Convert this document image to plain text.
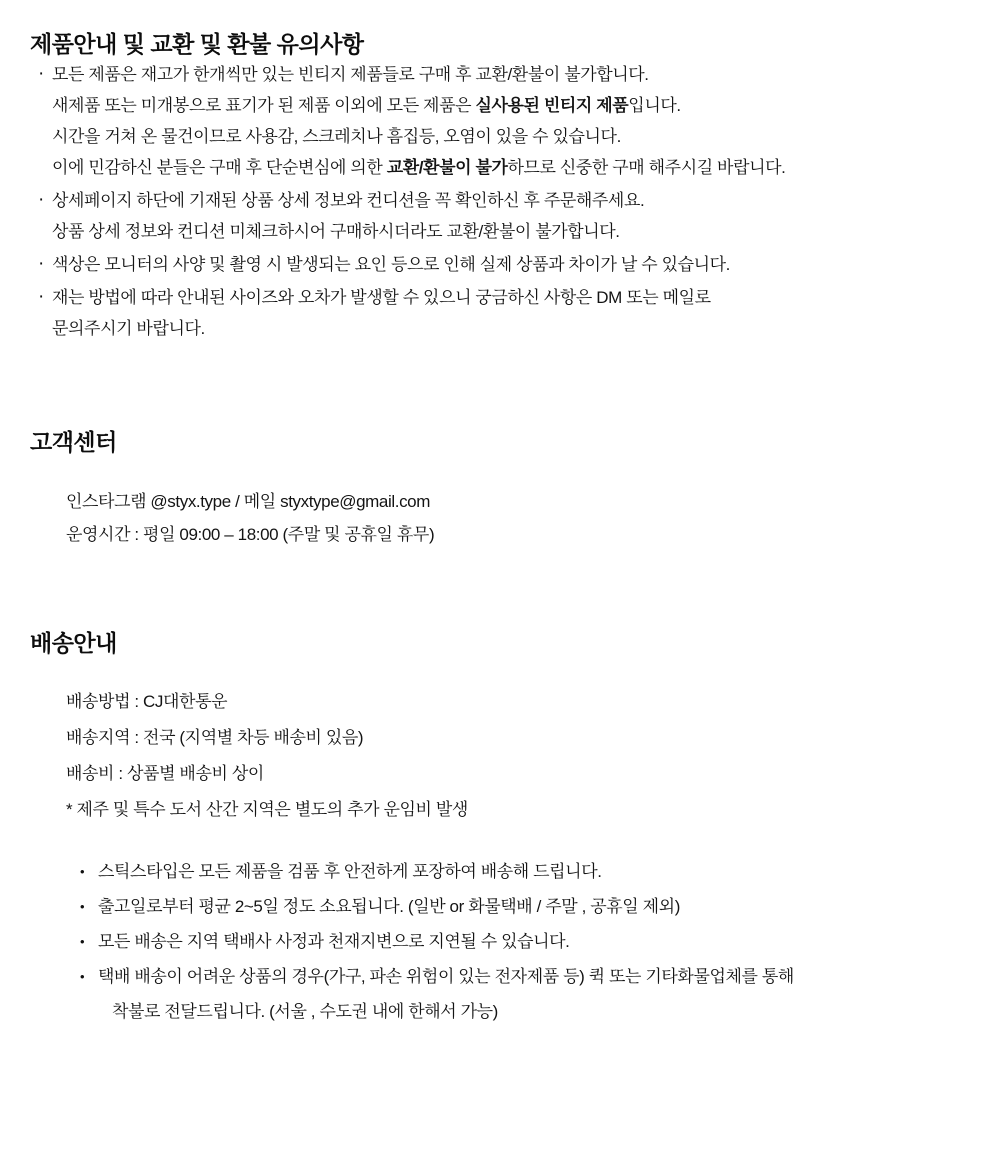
제품안내 및 교환 및 환불 유의사항
· 모든 제품은 재고가 한개씩만 있는 빈티지 제품들로 구매 후 교환/환불이 불가합니다.
새제품 또는 미개봉으로 표기가 된 제품 이외에 모든 제품은 실사용된 빈티지 제품입니다.
시간을 거쳐 온 물건이므로 사용감, 스크레치나 흠집등, 오염이 있을 수 있습니다.
이에 민감하신 분들은 구매 후 단순변심에 의한 교환/환불이 불가하므로 신중한 구매 해주시길 바랍니다.
· 상세페이지 하단에 기재된 상품 상세 정보와 컨디션을 꼭 확인하신 후 주문해주세요.
상품 상세 정보와 컨디션 미체크하시어 구매하시더라도 교환/환불이 불가합니다.
· 색상은 모니터의 사양 및 촬영 시 발생되는 요인 등으로 인해 실제 상품과 차이가 날 수 있습니다.
· 재는 방법에 따라 안내된 사이즈와 오차가 발생할 수 있으니 궁금하신 사항은 DM 또는 메일로
문의주시기 바랍니다.
고객센터
인스타그램 @styx.type / 메일 styxtype@gmail.com
운영시간 : 평일 09:00 – 18:00 (주말 및 공휴일 휴무)
배송안내
배송방법 : CJ대한통운
배송지역 : 전국 (지역별 차등 배송비 있음)
배송비 : 상품별 배송비 상이
* 제주 및 특수 도서 산간 지역은 별도의 추가 운임비 발생
• 스틱스타입은 모든 제품을 검품 후 안전하게 포장하여 배송해 드립니다.
• 출고일로부터 평균 2~5일 정도 소요됩니다. (일반 or 화물택배 / 주말 , 공휴일 제외)
• 모든 배송은 지역 택배사 사정과 천재지변으로 지연될 수 있습니다.
• 택배 배송이 어려운 상품의 경우(가구, 파손 위험이 있는 전자제품 등) 퀵 또는 기타화물업체를 통해
착불로 전달드립니다. (서울 , 수도권 내에 한해서 가능)
